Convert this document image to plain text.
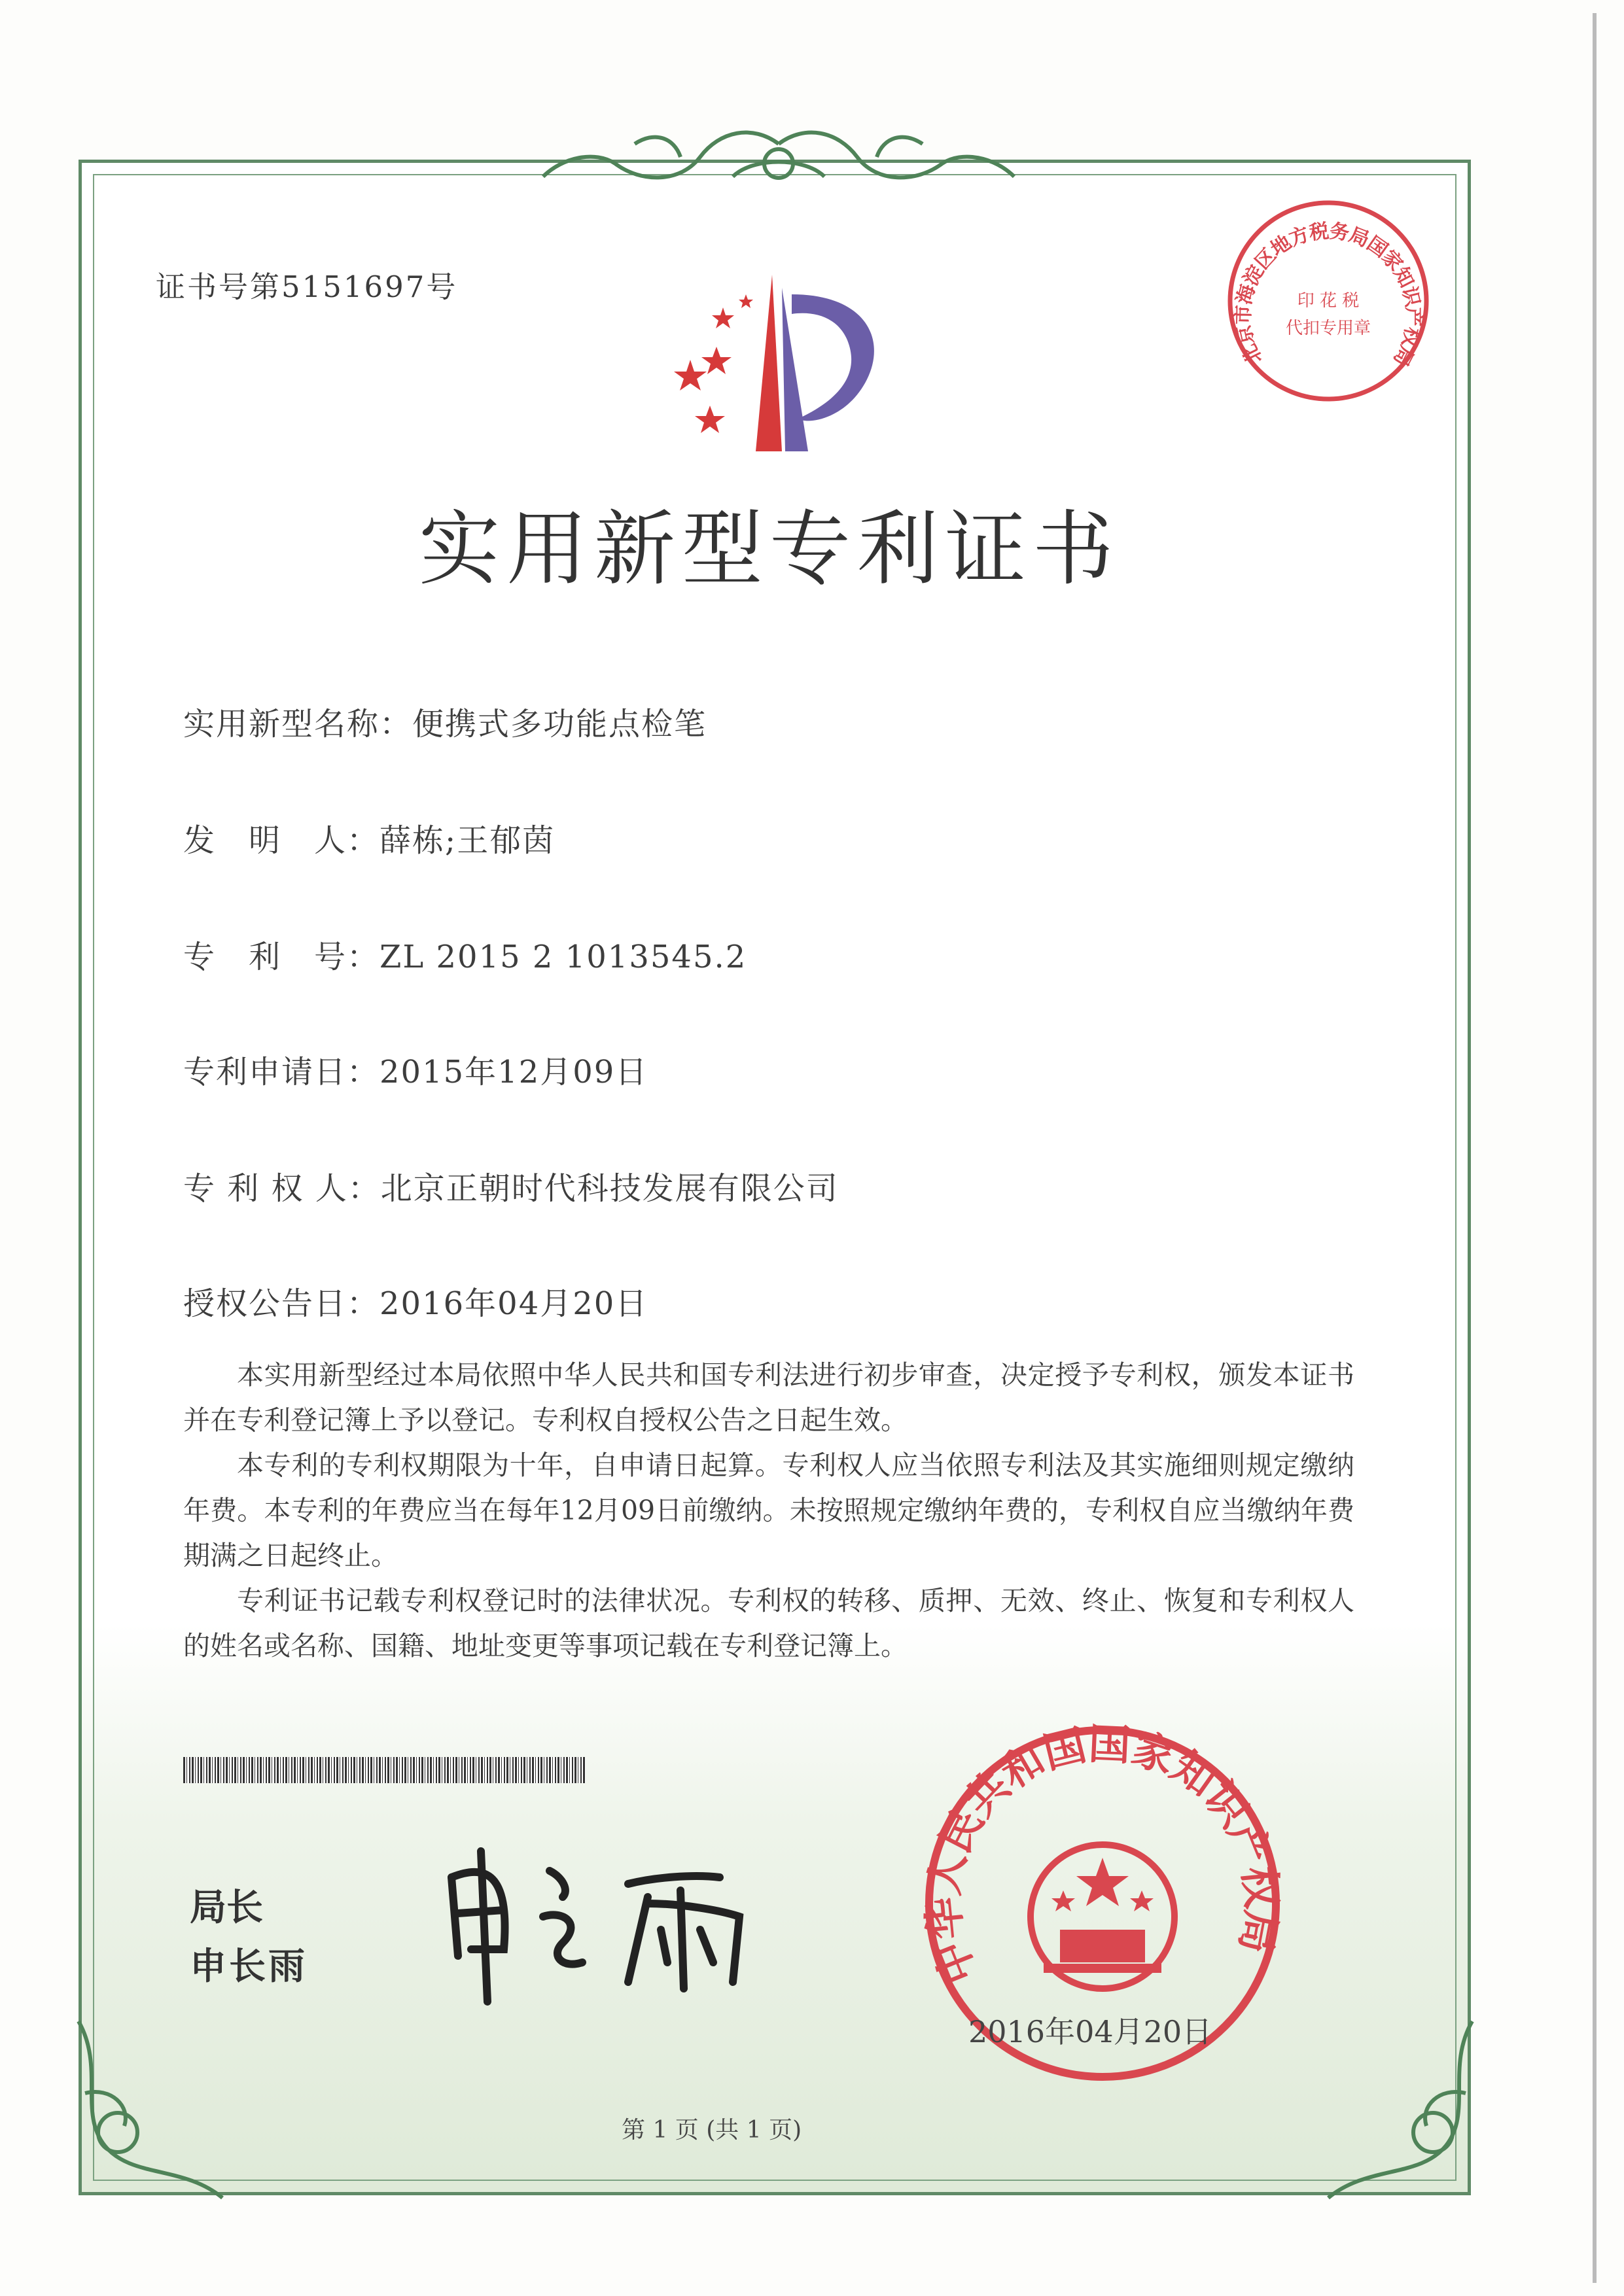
证书号第5151697号	印 花 税
代扣专用章
北京市海淀区地方税务局国家知识产权局
实用新型专利证书
实用新型名称：便携式多功能点检笔
发　明　人：薛栋;王郁茵
专　利　号：ZL 2015 2 1013545.2
专利申请日：2015年12月09日
专 利 权 人：北京正朝时代科技发展有限公司
授权公告日：2016年04月20日

本实用新型经过本局依照中华人民共和国专利法进行初步审查，决定授予专利权，颁发本证书并在专利登记簿上予以登记。专利权自授权公告之日起生效。

本专利的专利权期限为十年，自申请日起算。专利权人应当依照专利法及其实施细则规定缴纳年费。本专利的年费应当在每年12月09日前缴纳。未按照规定缴纳年费的，专利权自应当缴纳年费期满之日起终止。

专利证书记载专利权登记时的法律状况。专利权的转移、质押、无效、终止、恢复和专利权人的姓名或名称、国籍、地址变更等事项记载在专利登记簿上。

局长
申长雨	中华人民共和国国家知识产权局
2016年04月20日
第 1 页 (共 1 页)
